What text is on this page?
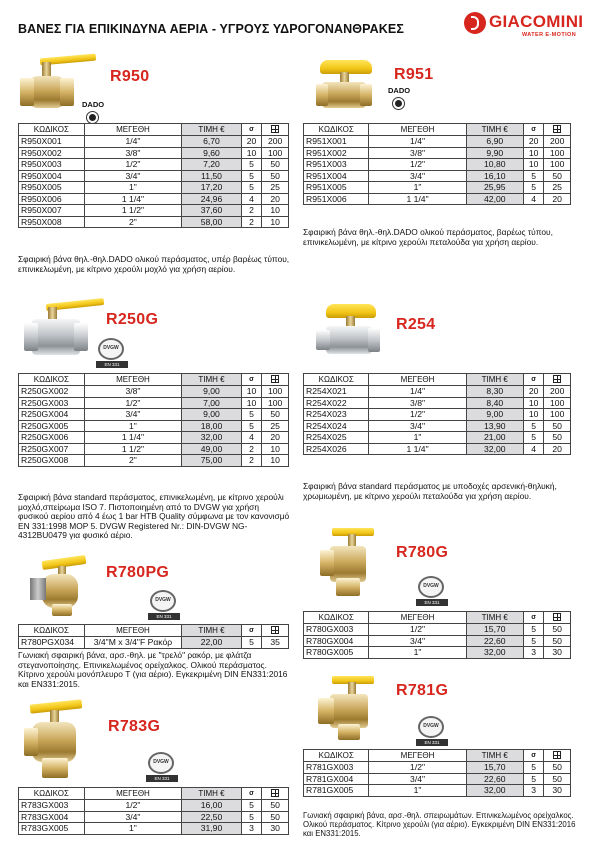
ΒΑΝΕΣ ΓΙΑ ΕΠΙΚΙΝΔΥΝΑ ΑΕΡΙΑ - ΥΓΡΟΥΣ ΥΔΡΟΓΟΝΑΝΘΡΑΚΕΣ	GIACOMINI
WATER E-MOTION
R950
DADO
ΚΩΔΙΚΟΣ	ΜΕΓΕΘΗ	ΤΙΜΗ €	σ	
R950X001	1/4"	6,70	20	200
R950X002	3/8"	9,60	10	100
R950X003	1/2"	7,20	5	50
R950X004	3/4"	11,50	5	50
R950X005	1"	17,20	5	25
R950X006	1 1/4"	24,96	4	20
R950X007	1 1/2"	37,60	2	10
R950X008	2"	58,00	2	10
Σφαιρική βάνα θηλ.-θηλ.DADO ολικού περάσματος, υπέρ βαρέως τύπου, επινικελωμένη, με κίτρινο χερούλι μοχλό για χρήση αερίου.
R951
DADO
ΚΩΔΙΚΟΣ	ΜΕΓΕΘΗ	ΤΙΜΗ €	σ	
R951X001	1/4"	6,90	20	200
R951X002	3/8"	9,90	10	100
R951X003	1/2"	10,80	10	100
R951X004	3/4"	16,10	5	50
R951X005	1"	25,95	5	25
R951X006	1 1/4"	42,00	4	20
Σφαιρική βάνα θηλ.-θηλ.DADO ολικού περάσματος, βαρέως τύπου, επινικελωμένη, με κίτρινο χερούλι πεταλούδα για χρήση αερίου.
R250G
DVGW
EN 331
ΚΩΔΙΚΟΣ	ΜΕΓΕΘΗ	ΤΙΜΗ €	σ	
R250GX002	3/8"	9,00	10	100
R250GX003	1/2"	7,00	10	100
R250GX004	3/4"	9,00	5	50
R250GX005	1"	18,00	5	25
R250GX006	1 1/4"	32,00	4	20
R250GX007	1 1/2"	49,00	2	10
R250GX008	2"	75,00	2	10
Σφαιρική βάνα standard περάσματος, επινικελωμένη, με κίτρινο χερούλι μοχλό,σπείρωμα ISO 7. Πιστοποιημένη από το DVGW για χρήση φυσικού αερίου από 4 έως 1 bar HTB Quality σύμφωνα με τον κανονισμό EN 331:1998 MOP 5. DVGW Registered Nr.: DIN-DVGW NG-4312BU0479 για φυσικό αέριο.
R254
ΚΩΔΙΚΟΣ	ΜΕΓΕΘΗ	ΤΙΜΗ €	σ	
R254X021	1/4"	8,30	20	200
R254X022	3/8"	8,40	10	100
R254X023	1/2"	9,00	10	100
R254X024	3/4"	13,90	5	50
R254X025	1"	21,00	5	50
R254X026	1 1/4"	32,00	4	20
Σφαιρική βάνα standard περάσματος με υποδοχές αρσενική-θηλυκή, χρωμιωμένη, με κίτρινο χερούλι πεταλούδα για χρήση αερίου.
R780G
DVGW
EN 331
ΚΩΔΙΚΟΣ	ΜΕΓΕΘΗ	ΤΙΜΗ €	σ	
R780GX003	1/2"	15,70	5	50
R780GX004	3/4"	22,60	5	50
R780GX005	1"	32,00	3	30
R780PG
DVGW
EN 331
ΚΩΔΙΚΟΣ	ΜΕΓΕΘΗ	ΤΙΜΗ €	σ	
R780PGX034	3/4"M x 3/4"F Ρακόρ	22,00	5	35
Γωνιακή σφαιρική βάνα, αρσ.-θηλ. με "τρελό" ρακόρ, με φλάτζα στεγανοποίησης. Επινικελωμένος ορείχαλκος. Ολικού περάσματος. Κίτρινο χερούλι μονόπλευρο T (για αέριο). Εγκεκριμένη DIN EN331:2016 και EN331:2015.	R781G
DVGW
EN 331
ΚΩΔΙΚΟΣ	ΜΕΓΕΘΗ	ΤΙΜΗ €	σ	
R781GX003	1/2"	15,70	5	50
R781GX004	3/4"	22,60	5	50
R781GX005	1"	32,00	3	30
Γωνιακή σφαιρική βάνα, αρσ.-θηλ. σπειρωμάτων. Επινικελωμένος ορείχαλκος. Ολικού περάσματος. Κίτρινο χερούλι (για αέριο). Εγκεκριμένη DIN EN331:2016 και EN331:2015.
R783G
DVGW
EN 331
ΚΩΔΙΚΟΣ	ΜΕΓΕΘΗ	ΤΙΜΗ €	σ	
R783GX003	1/2"	16,00	5	50
R783GX004	3/4"	22,50	5	50
R783GX005	1"	31,90	3	30
